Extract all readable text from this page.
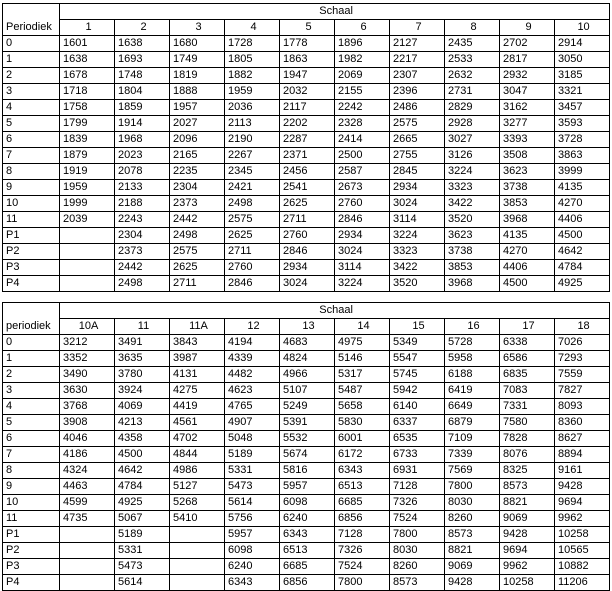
	Schaal									
Periodiek	1	2	3	4	5	6	7	8	9	10
0	1601	1638	1680	1728	1778	1896	2127	2435	2702	2914
1	1638	1693	1749	1805	1863	1982	2217	2533	2817	3050
2	1678	1748	1819	1882	1947	2069	2307	2632	2932	3185
3	1718	1804	1888	1959	2032	2155	2396	2731	3047	3321
4	1758	1859	1957	2036	2117	2242	2486	2829	3162	3457
5	1799	1914	2027	2113	2202	2328	2575	2928	3277	3593
6	1839	1968	2096	2190	2287	2414	2665	3027	3393	3728
7	1879	2023	2165	2267	2371	2500	2755	3126	3508	3863
8	1919	2078	2235	2345	2456	2587	2845	3224	3623	3999
9	1959	2133	2304	2421	2541	2673	2934	3323	3738	4135
10	1999	2188	2373	2498	2625	2760	3024	3422	3853	4270
11	2039	2243	2442	2575	2711	2846	3114	3520	3968	4406
P1		2304	2498	2625	2760	2934	3224	3623	4135	4500
P2		2373	2575	2711	2846	3024	3323	3738	4270	4642
P3		2442	2625	2760	2934	3114	3422	3853	4406	4784
P4		2498	2711	2846	3024	3224	3520	3968	4500	4925
	Schaal									
periodiek	10A	11	11A	12	13	14	15	16	17	18
0	3212	3491	3843	4194	4683	4975	5349	5728	6338	7026
1	3352	3635	3987	4339	4824	5146	5547	5958	6586	7293
2	3490	3780	4131	4482	4966	5317	5745	6188	6835	7559
3	3630	3924	4275	4623	5107	5487	5942	6419	7083	7827
4	3768	4069	4419	4765	5249	5658	6140	6649	7331	8093
5	3908	4213	4561	4907	5391	5830	6337	6879	7580	8360
6	4046	4358	4702	5048	5532	6001	6535	7109	7828	8627
7	4186	4500	4844	5189	5674	6172	6733	7339	8076	8894
8	4324	4642	4986	5331	5816	6343	6931	7569	8325	9161
9	4463	4784	5127	5473	5957	6513	7128	7800	8573	9428
10	4599	4925	5268	5614	6098	6685	7326	8030	8821	9694
11	4735	5067	5410	5756	6240	6856	7524	8260	9069	9962
P1		5189		5957	6343	7128	7800	8573	9428	10258
P2		5331		6098	6513	7326	8030	8821	9694	10565
P3		5473		6240	6685	7524	8260	9069	9962	10882
P4		5614		6343	6856	7800	8573	9428	10258	11206
